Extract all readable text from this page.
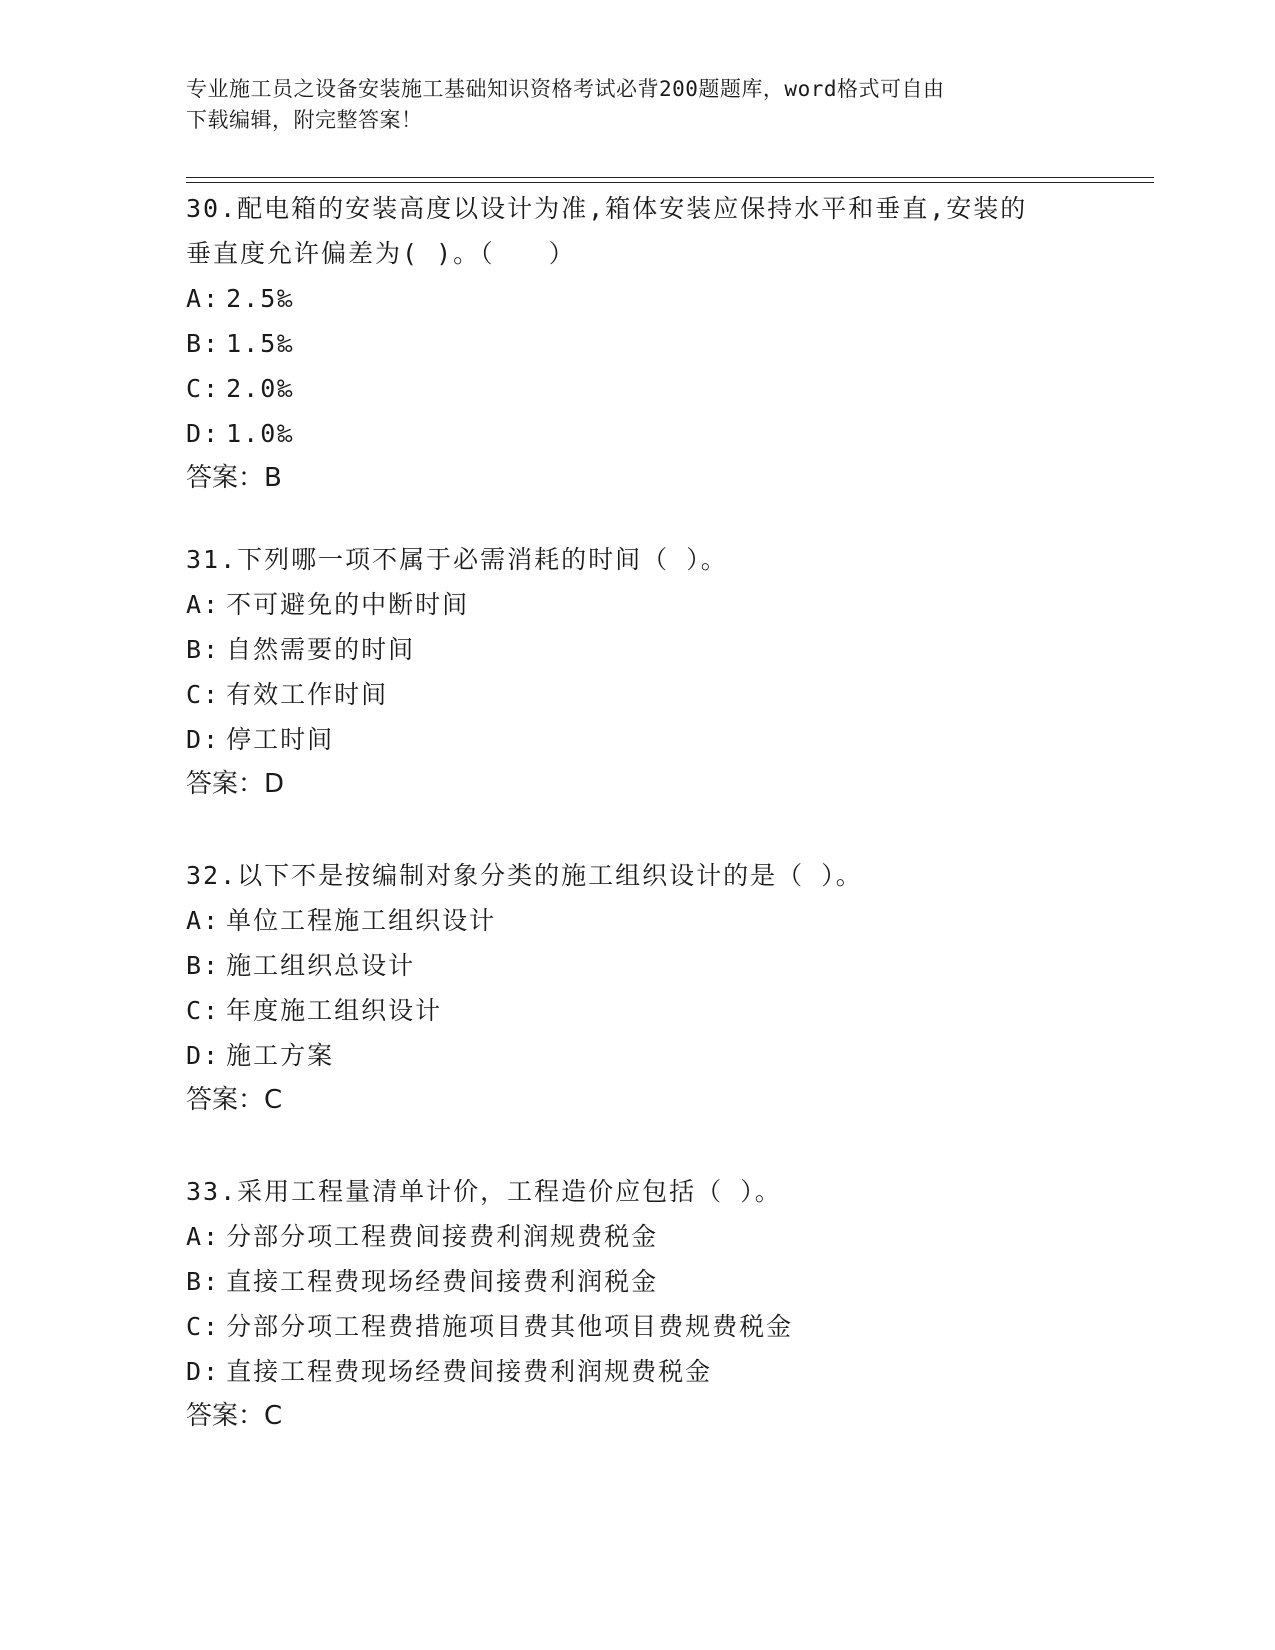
专业施工员之设备安装施工基础知识资格考试必背200题题库，word格式可自由
下载编辑，附完整答案！

30.配电箱的安装高度以设计为准,箱体安装应保持水平和垂直,安装的

垂直度允许偏差为( )。（　　）

A: 2.5‰

B: 1.5‰

C: 2.0‰

D: 1.0‰

答案：B

31.下列哪一项不属于必需消耗的时间（ ）。

A: 不可避免的中断时间

B: 自然需要的时间

C: 有效工作时间

D: 停工时间

答案：D

32.以下不是按编制对象分类的施工组织设计的是（ ）。

A: 单位工程施工组织设计

B: 施工组织总设计

C: 年度施工组织设计

D: 施工方案

答案：C

33.采用工程量清单计价，工程造价应包括（ ）。

A: 分部分项工程费间接费利润规费税金

B: 直接工程费现场经费间接费利润税金

C: 分部分项工程费措施项目费其他项目费规费税金

D: 直接工程费现场经费间接费利润规费税金

答案：C
